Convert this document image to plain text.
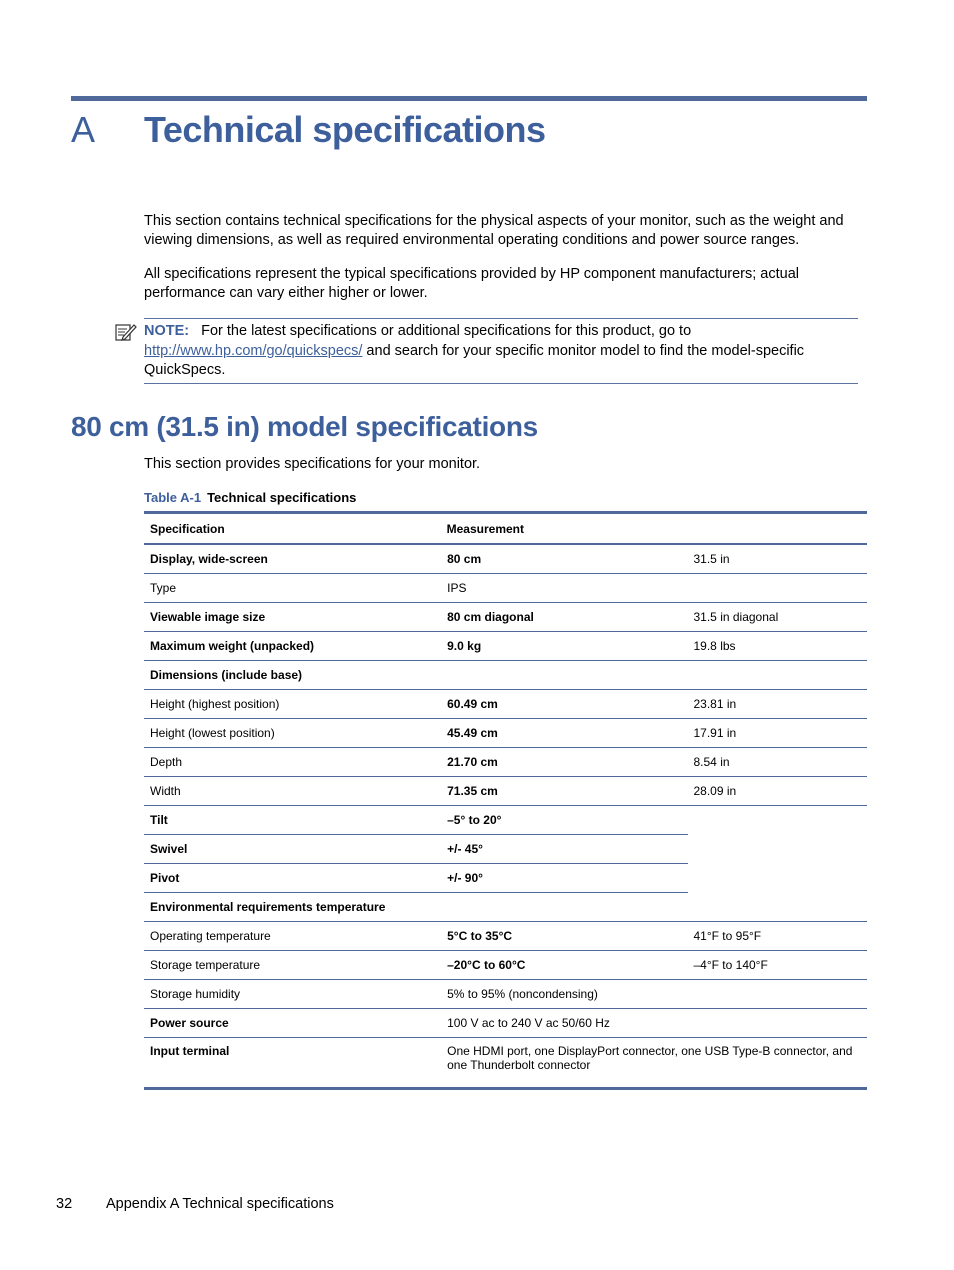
A Technical specifications
This section contains technical specifications for the physical aspects of your monitor, such as the weight and viewing dimensions, as well as required environmental operating conditions and power source ranges.
All specifications represent the typical specifications provided by HP component manufacturers; actual performance can vary either higher or lower.
NOTE: For the latest specifications or additional specifications for this product, go to
http://www.hp.com/go/quickspecs/ and search for your specific monitor model to find the model-specific QuickSpecs.
80 cm (31.5 in) model specifications
This section provides specifications for your monitor.
Table A-1 Technical specifications
Specification	Measurement	
Display, wide-screen	80 cm	31.5 in
Type	IPS	
Viewable image size	80 cm diagonal	31.5 in diagonal
Maximum weight (unpacked)	9.0 kg	19.8 lbs
Dimensions (include base)		
Height (highest position)	60.49 cm	23.81 in
Height (lowest position)	45.49 cm	17.91 in
Depth	21.70 cm	8.54 in
Width	71.35 cm	28.09 in
Tilt	–5° to 20°	
Swivel	+/- 45°	
Pivot	+/- 90°	
Environmental requirements temperature		
Operating temperature	5°C to 35°C	41°F to 95°F
Storage temperature	–20°C to 60°C	–4°F to 140°F
Storage humidity	5% to 95% (noncondensing)	
Power source	100 V ac to 240 V ac 50/60 Hz	
Input terminal	One HDMI port, one DisplayPort connector, one USB Type-B connector, and one Thunderbolt connector	
32 Appendix A Technical specifications
